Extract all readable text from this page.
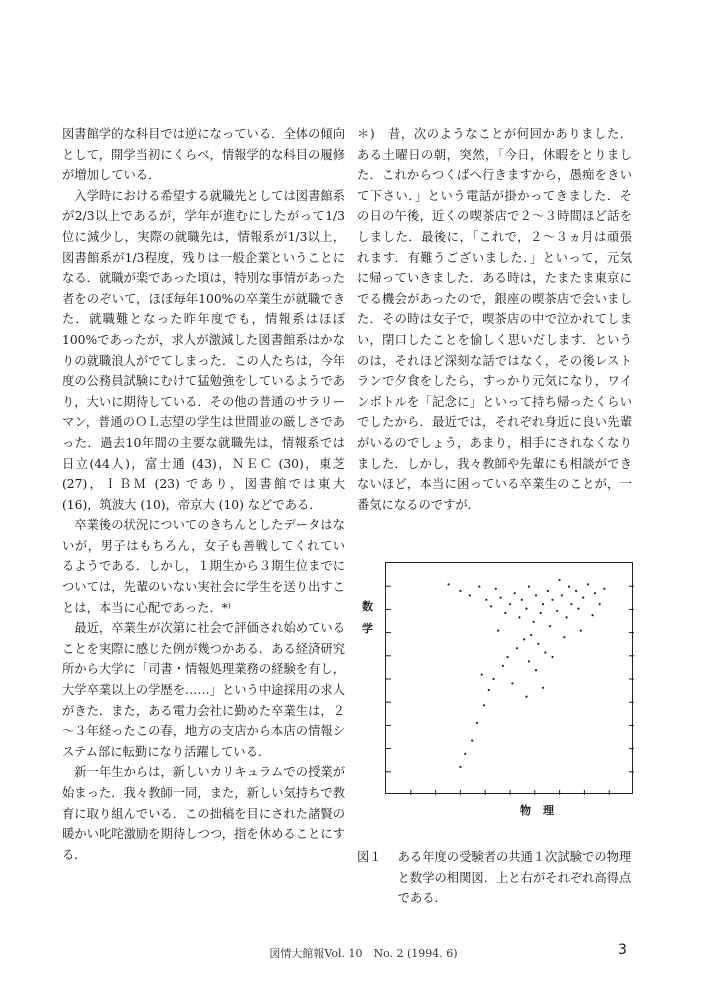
図書館学的な科目では逆になっている．全体の傾向として，開学当初にくらべ，情報学的な科目の履修が増加している．

入学時における希望する就職先としては図書館系が2/3以上であるが，学年が進むにしたがって1/3位に減少し，実際の就職先は，情報系が1/3以上，図書館系が1/3程度，残りは一般企業ということになる．就職が楽であった頃は，特別な事情があった者をのぞいて，ほぼ毎年100%の卒業生が就職できた．就職難となった昨年度でも，情報系はほぼ100%であったが，求人が激減した図書館系はかなりの就職浪人がでてしまった．この人たちは，今年度の公務員試験にむけて猛勉強をしているようであり，大いに期待している．その他の普通のサラリーマン，普通のＯＬ志望の学生は世間並の厳しさであった．過去10年間の主要な就職先は，情報系では日立(44人)，富士通 (43)，ＮＥＣ (30)，東芝 (27)，ＩＢＭ (23) であり，図書館では東大 (16)，筑波大 (10)，帝京大 (10) などである．

卒業後の状況についてのきちんとしたデータはないが，男子はもちろん，女子も善戦してくれているようである．しかし，１期生から３期生位までについては，先輩のいない実社会に学生を送り出すことは，本当に心配であった．*⁾

最近，卒業生が次第に社会で評価され始めていることを実際に感じた例が幾つかある．ある経済研究所から大学に「司書・情報処理業務の経験を有し，大学卒業以上の学歴を……」という中途採用の求人がきた．また，ある電力会社に勤めた卒業生は，２～３年経ったこの春，地方の支店から本店の情報システム部に転勤になり活躍している．

新一年生からは，新しいカリキュラムでの授業が始まった．我々教師一同，また，新しい気持ちで教育に取り組んでいる．この拙稿を目にされた諸賢の暖かい叱咤激励を期待しつつ，指を休めることにする．

＊)　昔，次のようなことが何回かありました．ある土曜日の朝，突然，「今日，休暇をとりました．これからつくばへ行きますから，愚痴をきいて下さい．」という電話が掛かってきました．その日の午後，近くの喫茶店で２～３時間ほど話をしました．最後に，「これで，２～３ヵ月は頑張れます．有難うございました．」といって，元気に帰っていきました．ある時は，たまたま東京にでる機会があったので，銀座の喫茶店で会いました．その時は女子で，喫茶店の中で泣かれてしまい，閉口したことを愉しく思いだします．というのは，それほど深刻な話ではなく，その後レストランで夕食をしたら，すっかり元気になり，ワインボトルを「記念に」といって持ち帰ったくらいでしたから．最近では，それぞれ身近に良い先輩がいるのでしょう，あまり，相手にされなくなりました．しかし，我々教師や先輩にも相談ができないほど，本当に困っている卒業生のことが，一番気になるのですが．

数
学
物理
図１ ある年度の受験者の共通１次試験での物理と数学の相関図．上と右がそれぞれ高得点である．
図情大館報Vol. 10　No. 2 (1994. 6)	3
